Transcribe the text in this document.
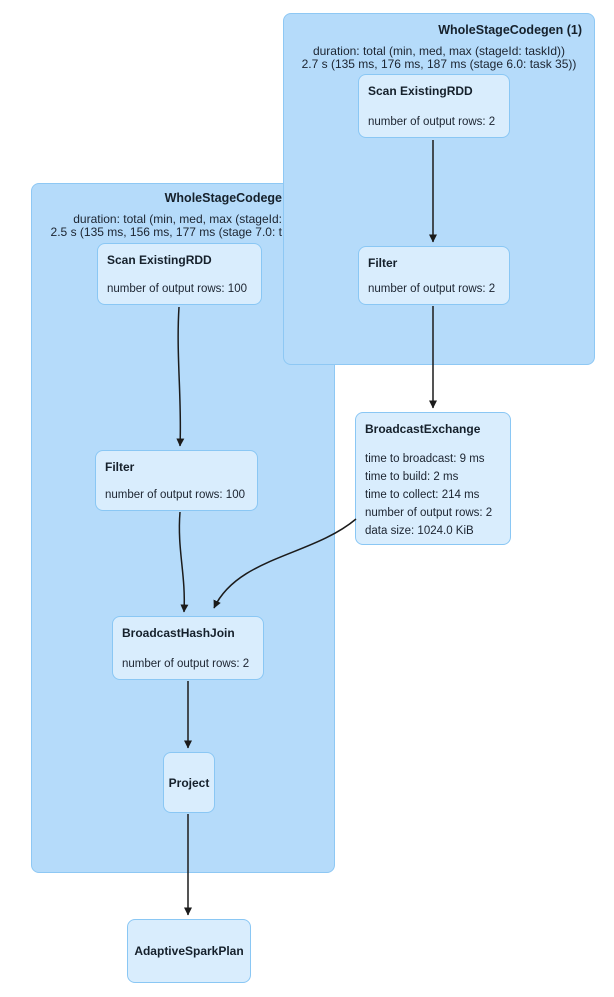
WholeStageCodege
duration: total (min, med, max (stageId:
2.5 s (135 ms, 156 ms, 177 ms (stage 7.0: t
WholeStageCodegen (1)
duration: total (min, med, max (stageId: taskId))
2.7 s (135 ms, 176 ms, 187 ms (stage 6.0: task 35))
Scan ExistingRDD
number of output rows: 2
Filter
number of output rows: 2
Scan ExistingRDD
number of output rows: 100
Filter
number of output rows: 100
BroadcastExchange
time to broadcast: 9 ms
time to build: 2 ms
time to collect: 214 ms
number of output rows: 2
data size: 1024.0 KiB
BroadcastHashJoin
number of output rows: 2
Project
AdaptiveSparkPlan
